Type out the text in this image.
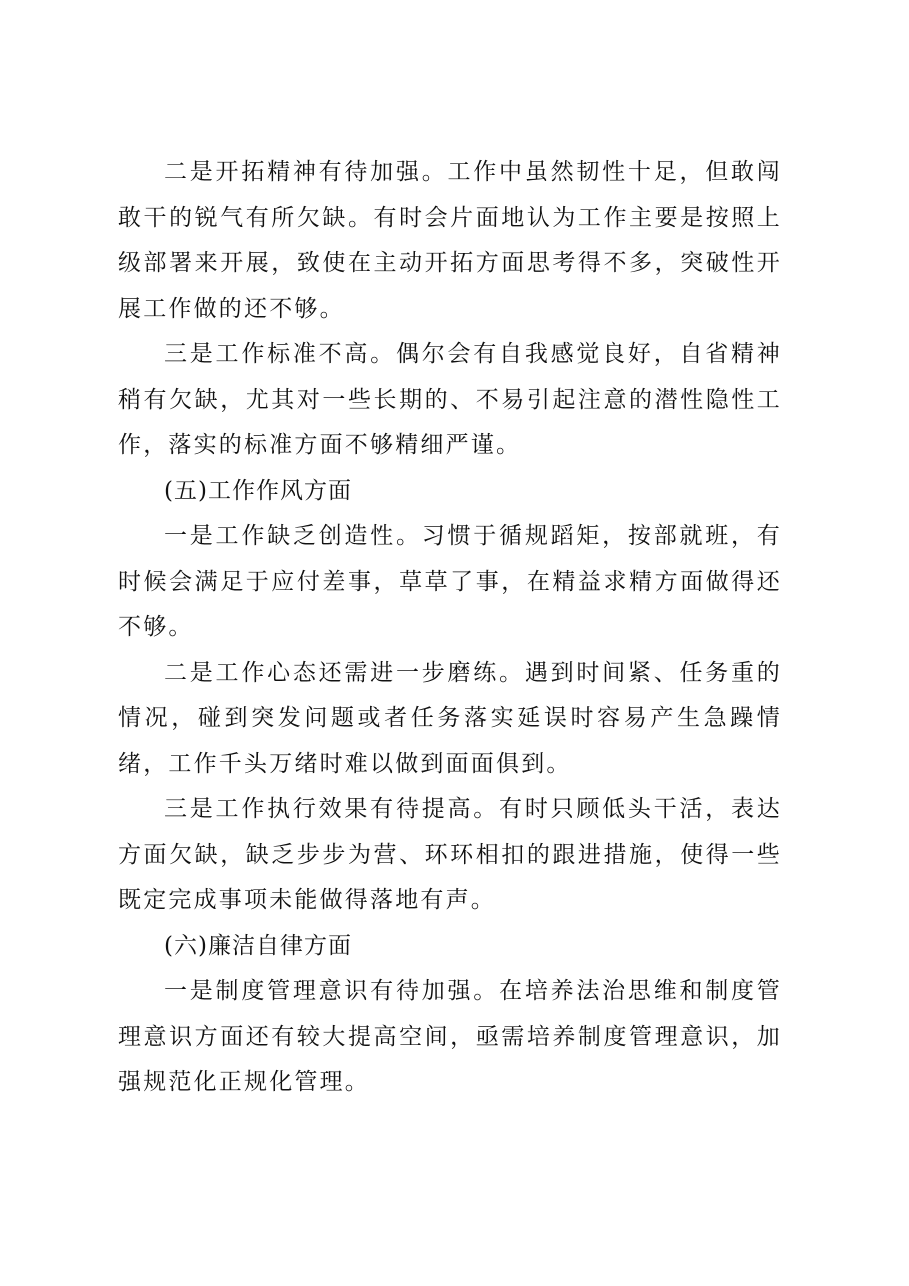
二是开拓精神有待加强。工作中虽然韧性十足，但敢闯敢干的锐气有所欠缺。有时会片面地认为工作主要是按照上级部署来开展，致使在主动开拓方面思考得不多，突破性开展工作做的还不够。

三是工作标准不高。偶尔会有自我感觉良好，自省精神稍有欠缺，尤其对一些长期的、不易引起注意的潜性隐性工作，落实的标准方面不够精细严谨。

(五)工作作风方面

一是工作缺乏创造性。习惯于循规蹈矩，按部就班，有时候会满足于应付差事，草草了事，在精益求精方面做得还不够。

二是工作心态还需进一步磨练。遇到时间紧、任务重的情况，碰到突发问题或者任务落实延误时容易产生急躁情绪，工作千头万绪时难以做到面面俱到。

三是工作执行效果有待提高。有时只顾低头干活，表达方面欠缺，缺乏步步为营、环环相扣的跟进措施，使得一些既定完成事项未能做得落地有声。

(六)廉洁自律方面

一是制度管理意识有待加强。在培养法治思维和制度管理意识方面还有较大提高空间，亟需培养制度管理意识，加强规范化正规化管理。
